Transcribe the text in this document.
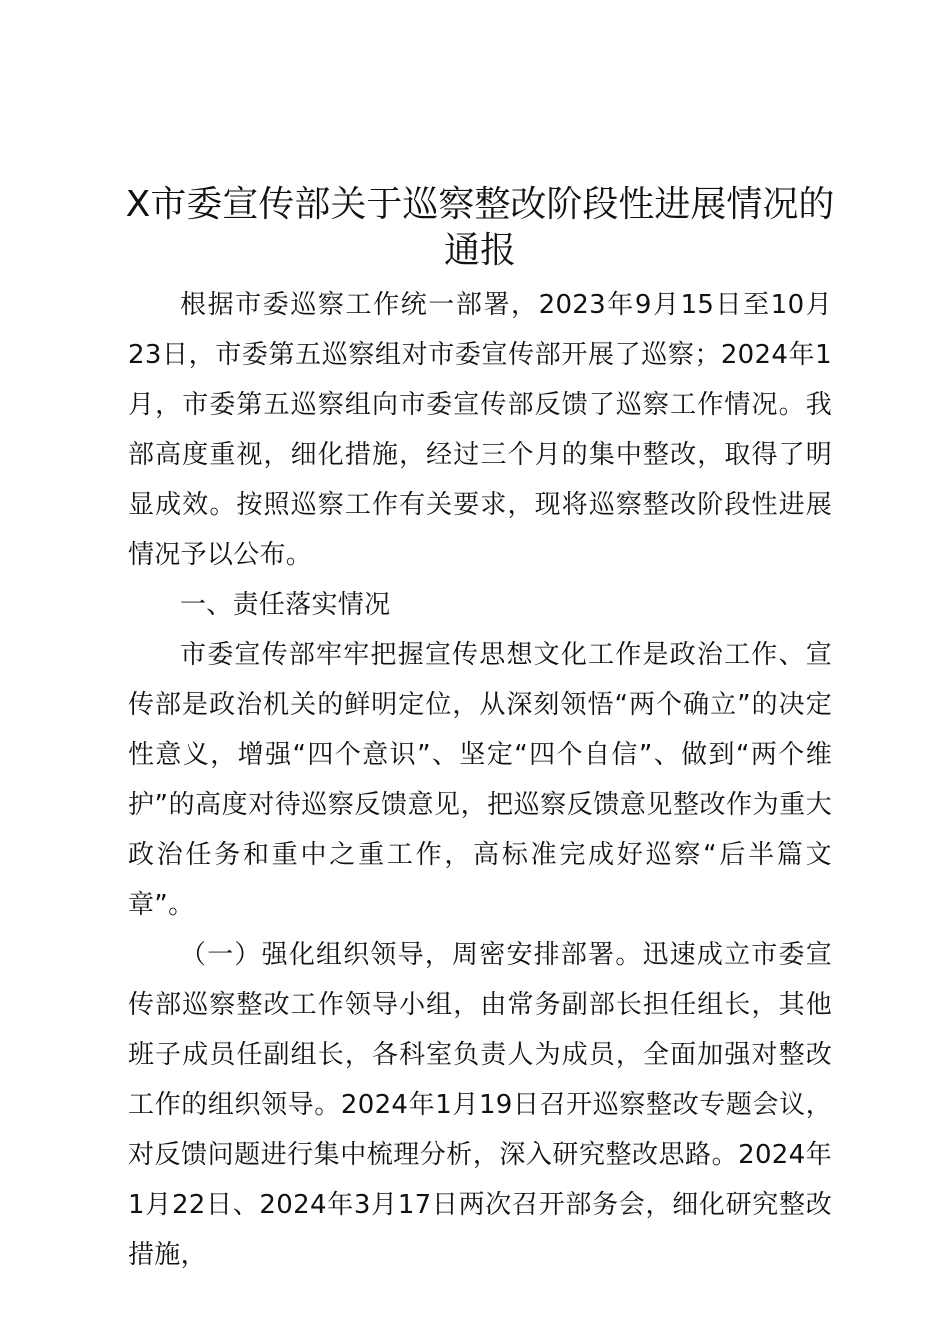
X市委宣传部关于巡察整改阶段性进展情况的通报

根据市委巡察工作统一部署，2023年9月15日至10月23日，市委第五巡察组对市委宣传部开展了巡察；2024年1月，市委第五巡察组向市委宣传部反馈了巡察工作情况。我部高度重视，细化措施，经过三个月的集中整改，取得了明显成效。按照巡察工作有关要求，现将巡察整改阶段性进展情况予以公布。

一、责任落实情况

市委宣传部牢牢把握宣传思想文化工作是政治工作、宣传部是政治机关的鲜明定位，从深刻领悟“两个确立”的决定性意义，增强“四个意识”、坚定“四个自信”、做到“两个维护”的高度对待巡察反馈意见，把巡察反馈意见整改作为重大政治任务和重中之重工作，高标准完成好巡察“后半篇文章”。

（一）强化组织领导，周密安排部署。迅速成立市委宣传部巡察整改工作领导小组，由常务副部长担任组长，其他班子成员任副组长，各科室负责人为成员，全面加强对整改工作的组织领导。2024年1月19日召开巡察整改专题会议，对反馈问题进行集中梳理分析，深入研究整改思路。2024年1月22日、2024年3月17日两次召开部务会，细化研究整改措施，
